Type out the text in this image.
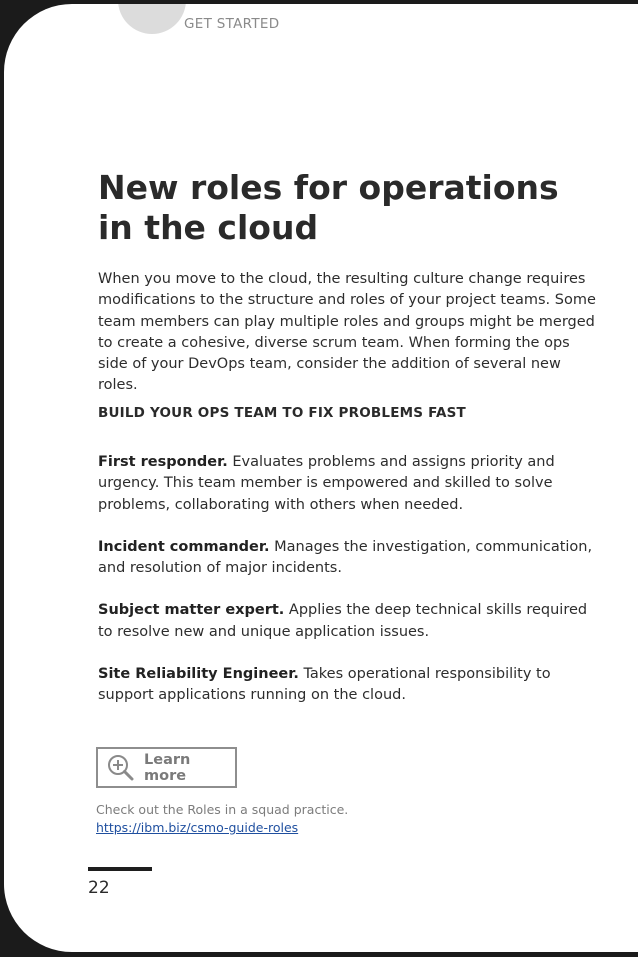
GET STARTED
New roles for operations in the cloud

When you move to the cloud, the resulting culture change requires modifications to the structure and roles of your project teams. Some team members can play multiple roles and groups might be merged to create a cohesive, diverse scrum team. When forming the ops side of your DevOps team, consider the addition of several new roles.

BUILD YOUR OPS TEAM TO FIX PROBLEMS FAST

First responder. Evaluates problems and assigns priority and urgency. This team member is empowered and skilled to solve problems, collaborating with others when needed.

Incident commander. Manages the investigation, communication, and resolution of major incidents.

Subject matter expert. Applies the deep technical skills required to resolve new and unique application issues.

Site Reliability Engineer. Takes operational responsibility to support applications running on the cloud.

Learn more
Check out the Roles in a squad practice.
https://ibm.biz/csmo-guide-roles
22
